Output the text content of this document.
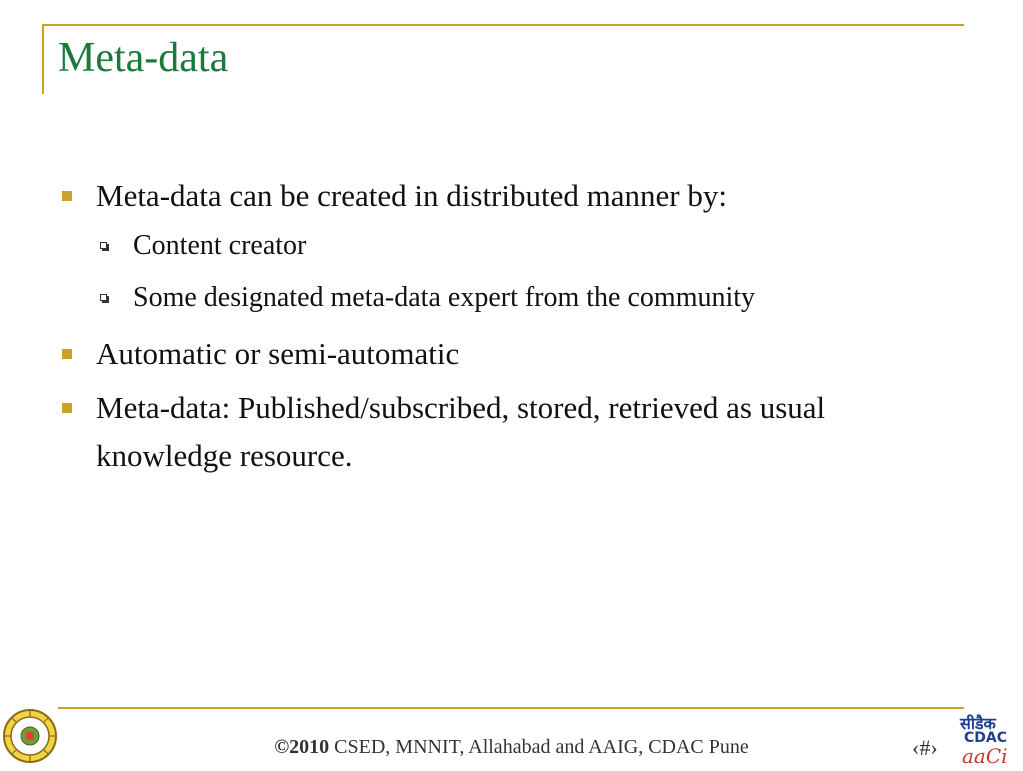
Meta-data
Meta-data can be created in distributed manner by:
Content creator
Some designated meta-data expert from the community
Automatic or semi-automatic
Meta-data: Published/subscribed, stored, retrieved as usual knowledge resource.
©2010 CSED, MNNIT, Allahabad and AAIG, CDAC Pune	‹#›
सीडैक
CDAC
aaCi
